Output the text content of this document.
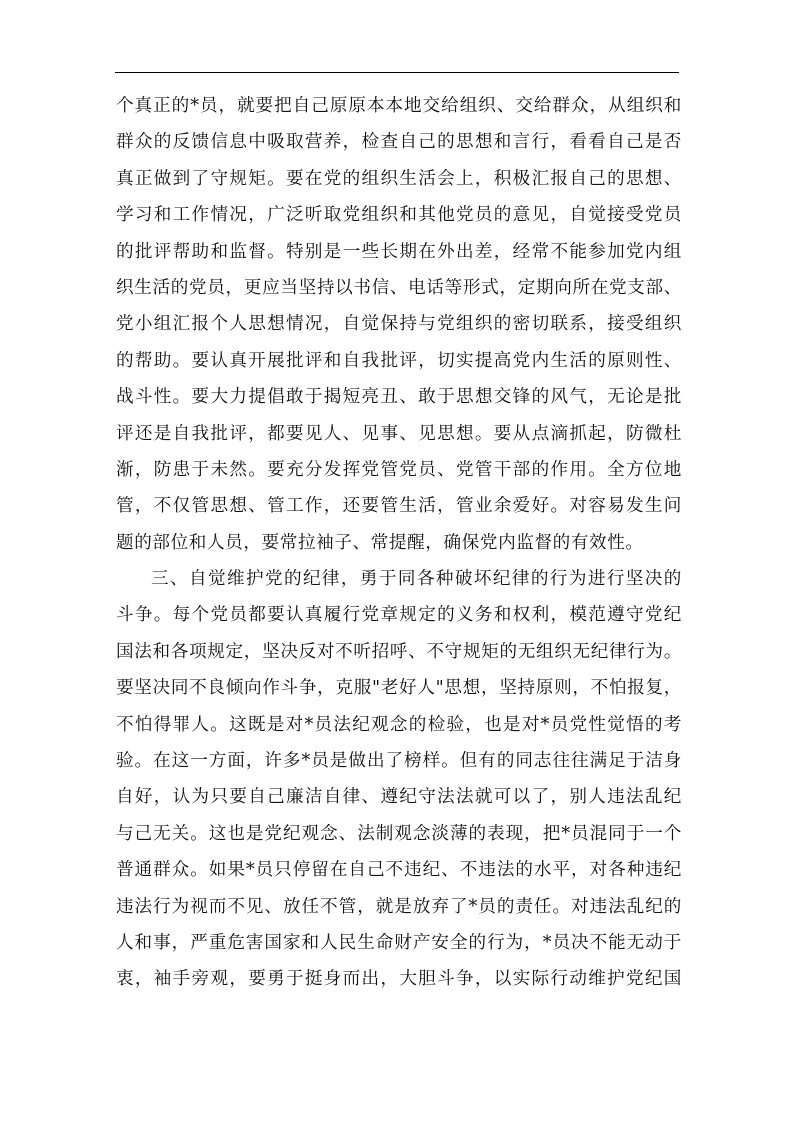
个真正的*员，就要把自己原原本本地交给组织、交给群众，从组织和
群众的反馈信息中吸取营养，检查自己的思想和言行，看看自己是否
真正做到了守规矩。要在党的组织生活会上，积极汇报自己的思想、
学习和工作情况，广泛听取党组织和其他党员的意见，自觉接受党员
的批评帮助和监督。特别是一些长期在外出差，经常不能参加党内组
织生活的党员，更应当坚持以书信、电话等形式，定期向所在党支部、
党小组汇报个人思想情况，自觉保持与党组织的密切联系，接受组织
的帮助。要认真开展批评和自我批评，切实提高党内生活的原则性、
战斗性。要大力提倡敢于揭短亮丑、敢于思想交锋的风气，无论是批
评还是自我批评，都要见人、见事、见思想。要从点滴抓起，防微杜
渐，防患于未然。要充分发挥党管党员、党管干部的作用。全方位地
管，不仅管思想、管工作，还要管生活，管业余爱好。对容易发生问
题的部位和人员，要常拉袖子、常提醒，确保党内监督的有效性。
三、自觉维护党的纪律，勇于同各种破坏纪律的行为进行坚决的
斗争。每个党员都要认真履行党章规定的义务和权利，模范遵守党纪
国法和各项规定，坚决反对不听招呼、不守规矩的无组织无纪律行为。
要坚决同不良倾向作斗争，克服"老好人"思想，坚持原则，不怕报复，
不怕得罪人。这既是对*员法纪观念的检验，也是对*员党性觉悟的考
验。在这一方面，许多*员是做出了榜样。但有的同志往往满足于洁身
自好，认为只要自己廉洁自律、遵纪守法法就可以了，别人违法乱纪
与己无关。这也是党纪观念、法制观念淡薄的表现，把*员混同于一个
普通群众。如果*员只停留在自己不违纪、不违法的水平，对各种违纪
违法行为视而不见、放任不管，就是放弃了*员的责任。对违法乱纪的
人和事，严重危害国家和人民生命财产安全的行为，*员决不能无动于
衷，袖手旁观，要勇于挺身而出，大胆斗争，以实际行动维护党纪国
